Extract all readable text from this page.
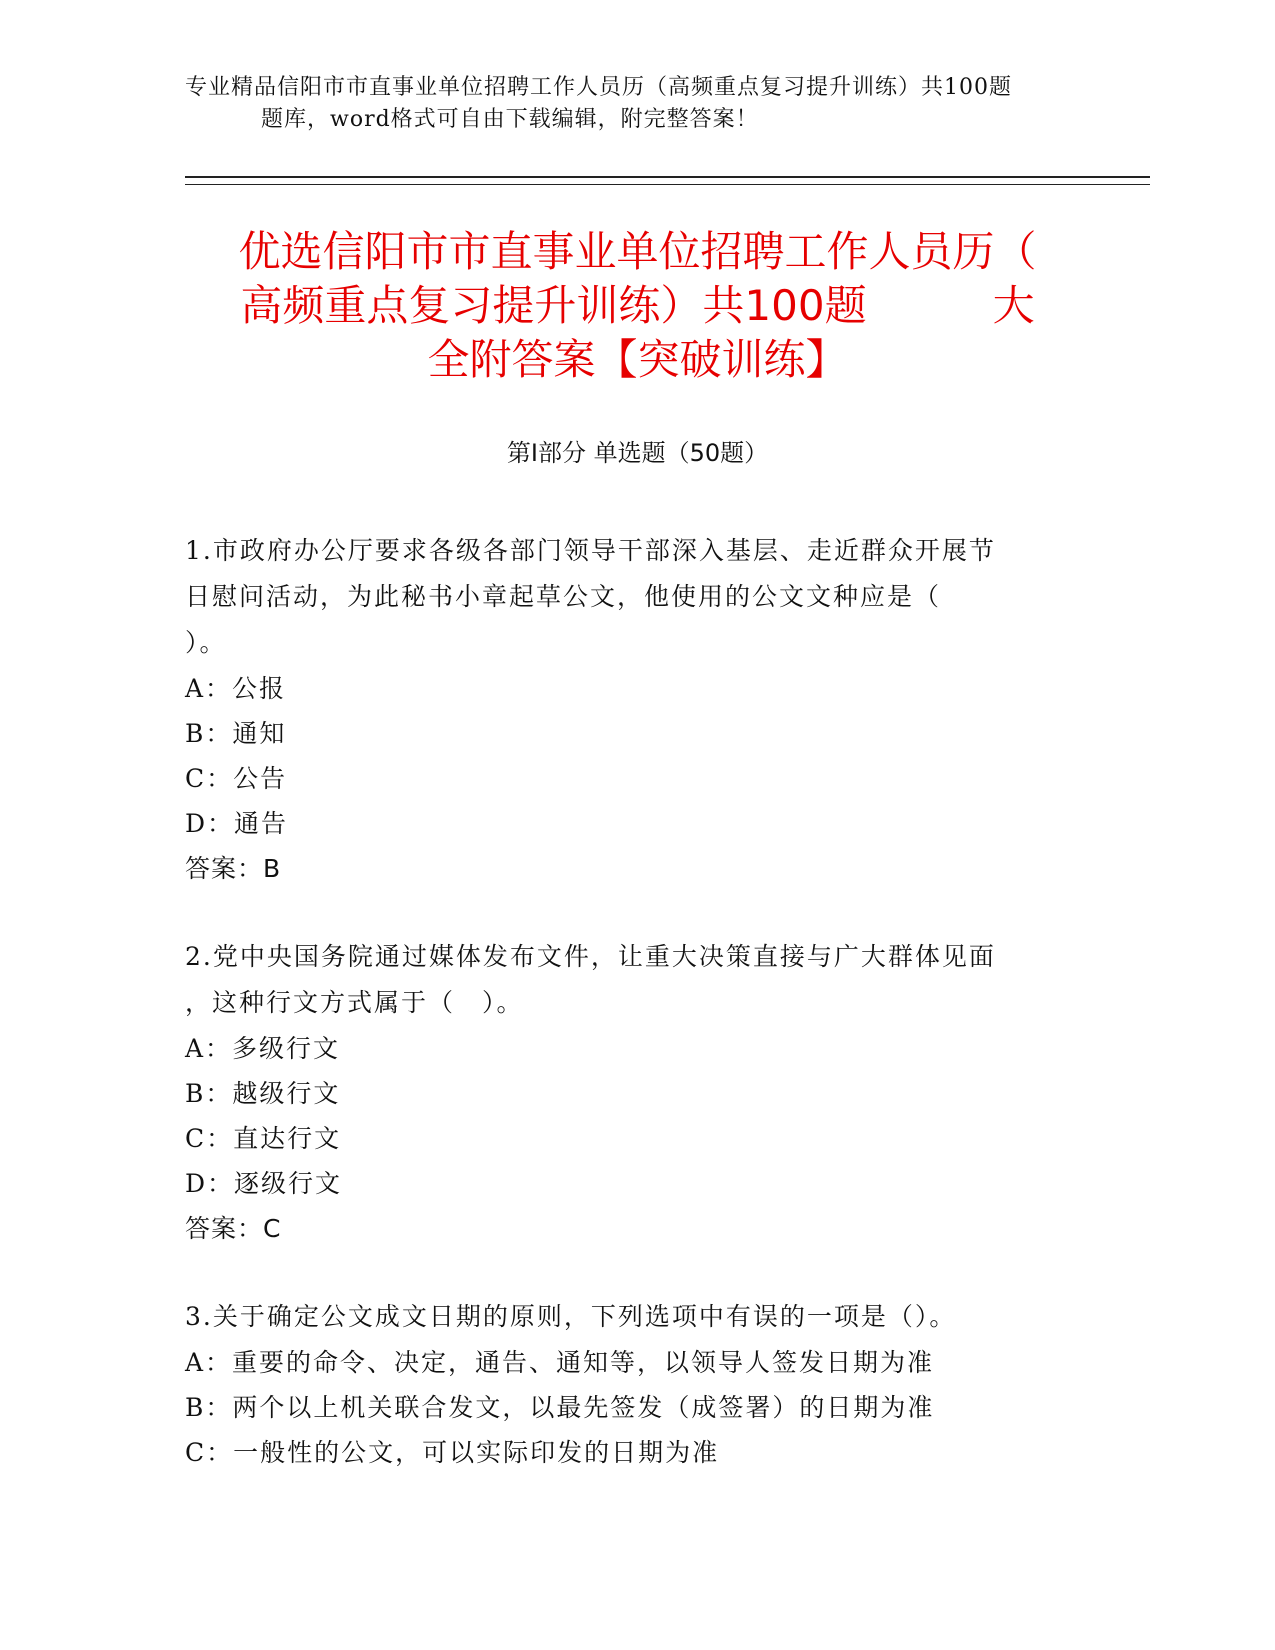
专业精品信阳市市直事业单位招聘工作人员历（高频重点复习提升训练）共100题
题库，word格式可自由下载编辑，附完整答案！
优选信阳市市直事业单位招聘工作人员历（
高频重点复习提升训练）共100题　　　大
全附答案【突破训练】
第Ⅰ部分 单选题（50题）
1.市政府办公厅要求各级各部门领导干部深入基层、走近群众开展节
日慰问活动，为此秘书小章起草公文，他使用的公文文种应是（
）。
A：公报
B：通知
C：公告
D：通告
答案：B
2.党中央国务院通过媒体发布文件，让重大决策直接与广大群体见面
，这种行文方式属于（　）。
A：多级行文
B：越级行文
C：直达行文
D：逐级行文
答案：C
3.关于确定公文成文日期的原则，下列选项中有误的一项是（）。
A：重要的命令、决定，通告、通知等，以领导人签发日期为准
B：两个以上机关联合发文，以最先签发（成签署）的日期为准
C：一般性的公文，可以实际印发的日期为准
